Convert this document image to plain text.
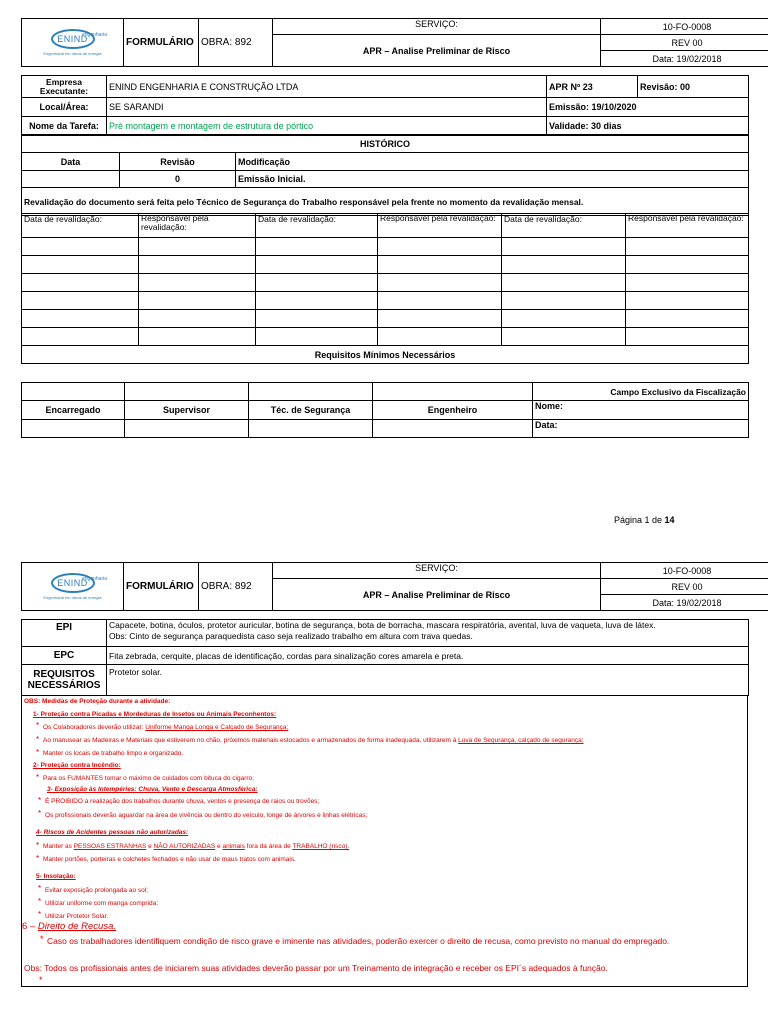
ENIND
Engenharia em obras de energia
engenharia	FORMULÁRIO	OBRA: 892	SERVIÇO:	10-FO-0008
			APR – Analise Preliminar de Risco	REV 00
				Data: 19/02/2018
Empresa Executante:	ENIND ENGENHARIA E CONSTRUÇÃO LTDA	APR Nº 23	Revisão: 00
Local/Área:	SE SARANDI	Emissão: 19/10/2020	
Nome da Tarefa:	Pré montagem e montagem de estrutura de pórtico	Validade: 30 dias	
HISTÓRICO		
Data	Revisão	Modificação
	0	Emissão Inicial.
Revalidação do documento será feita pelo Técnico de Segurança do Trabalho responsável pela frente no momento da revalidação mensal.		
Data de revalidação:	Responsável pela revalidação:	Data de revalidação:	Responsável pela revalidação:	Data de revalidação:	Responsável pela revalidação:

Requisitos Mínimos Necessários					
				Campo Exclusivo da Fiscalização
Encarregado	Supervisor	Téc. de Segurança	Engenheiro	Nome:
				Data:
Página 1 de 14
ENIND
Engenharia em obras de energia
engenharia	FORMULÁRIO	OBRA: 892	SERVIÇO:	10-FO-0008
			APR – Analise Preliminar de Risco	REV 00
				Data: 19/02/2018
EPI	Capacete, botina, óculos, protetor auricular, botina de segurança, bota de borracha, mascara respiratória, avental, luva de vaqueta, luva de látex.
Obs: Cinto de segurança paraquedista caso seja realizado trabalho em altura com trava quedas.

EPC	Fita zebrada, cerquite, placas de identificação, cordas para sinalização cores amarela e preta.
REQUISITOS NECESSÁRIOS	Protetor solar.
OBS: Medidas de Proteção durante a atividade:
1- Proteção contra Picadas e Mordeduras de Insetos ou Animais Peconhentos:
* Os Colaboradores deverão utilizar: Uniforme Manga Longa e Calçado de Segurança;
* Ao manusear as Madeiras e Materiais que estiverem no chão, próximos materiais estocados e armazenados de forma inadequada, utilizarem à Luva de Segurança, calçado de segurança;
* Manter os locais de trabalho limpo e organizado.
2- Proteção contra Incêndio:
* Para os FUMANTES tomar o máximo de cuidados com bituca do cigarro;
3- Exposição às Intempéries: Chuva, Vento e Descarga Atmosférica:
* É PROIBIDO à realização dos trabalhos durante chuva, ventos e presença de raios ou trovões;
* Os profissionais deverão aguardar na área de vivência ou dentro do veículo, longe de árvores e linhas elétricas;
4- Riscos de Acidentes pessoas não autorizadas:
* Manter as PESSOAS ESTRANHAS e NÃO AUTORIZADAS e animais fora da área de TRABALHO (risco).
* Manter portões, porteiras e colchetes fechados e não usar de maus tratos com animais.
5- Insolação:
* Evitar exposição prolongada ao sol;
* Utilizar uniforme com manga comprida;
* Utilizar Protetor Solar.
6 – Direito de Recusa.
* Caso os trabalhadores identifiquem condição de risco grave e iminente nas atividades, poderão exercer o direito de recusa, como previsto no manual do empregado.
Obs: Todos os profissionais antes de iniciarem suas atividades deverão passar por um Treinamento de integração e receber os EPI´s adequados à função.
*
